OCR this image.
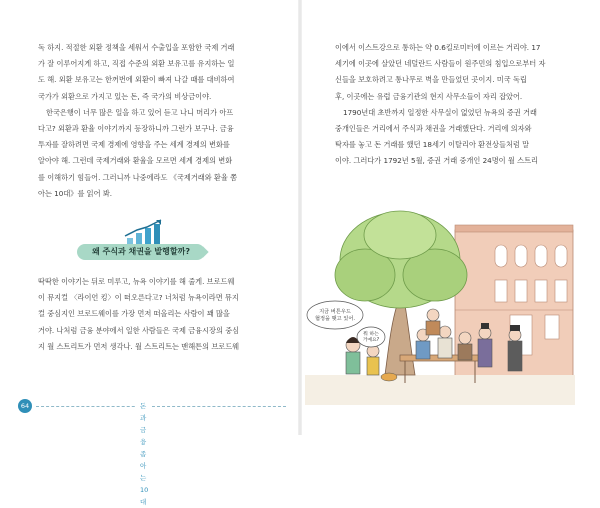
독 하지. 적절한 외환 정책을 세워서 수출입을 포함한 국제 거래

가 잘 이루어지게 하고, 직접 수준의 외환 보유고를 유지하는 일

도 해. 외환 보유고는 한꺼번에 외환이 빠져 나갈 때를 대비하여

국가가 외환으로 가지고 있는 돈, 즉 국가의 비상금이야.

한국은행이 너무 많은 일을 하고 있어 듣고 나니 머리가 아프

다고? 외환과 환율 이야기까지 등장하니까 그런가 보구나. 금융

투자를 잘하려면 국제 경제에 영향을 주는 세계 경제의 변화를

알아야 해. 그런데 국제거래와 환율을 모르면 세계 경제의 변화

를 이해하기 힘들어. 그러니까 나중에라도 《국제거래와 환율 쫌

아는 10대》를 읽어 봐.

왜 주식과 채권을 발행할까?

딱딱한 이야기는 뒤로 미루고, 뉴욕 이야기를 해 줄게. 브로드웨

이 뮤지컬 〈라이언 킹〉이 떠오른다고? 너처럼 뉴욕이라면 뮤지

컬 중심지인 브로드웨이를 가장 먼저 떠올리는 사람이 꽤 많을

거야. 나처럼 금융 분야에서 일한 사람들은 국제 금융시장의 중심

지 월 스트리트가 먼저 생각나. 월 스트리트는 맨해튼의 브로드웨

이에서 이스트강으로 통하는 약 0.6킬로미터에 이르는 거리야. 17

세기에 이곳에 살았던 네덜란드 사람들이 원주민의 침입으로부터 자

신들을 보호하려고 통나무로 벽을 만들었던 곳이지. 미국 독립

후, 이곳에는 유럽 금융기관의 현지 사무소들이 자리 잡았어.

1790년대 초반까지 일정한 사무실이 없었던 뉴욕의 증권 거래

중개인들은 거리에서 주식과 채권을 거래했단다. 거리에 의자와

탁자를 놓고 돈 거래를 했던 18세기 이탈리아 환전상들처럼 말

이야. 그러다가 1792년 5월, 증권 거래 중개인 24명이 월 스트리

지금 버튼우드
협정을 맺고 있어.
뭐 하는
거예요?
64	돈과 금융 좀 아는 10대
